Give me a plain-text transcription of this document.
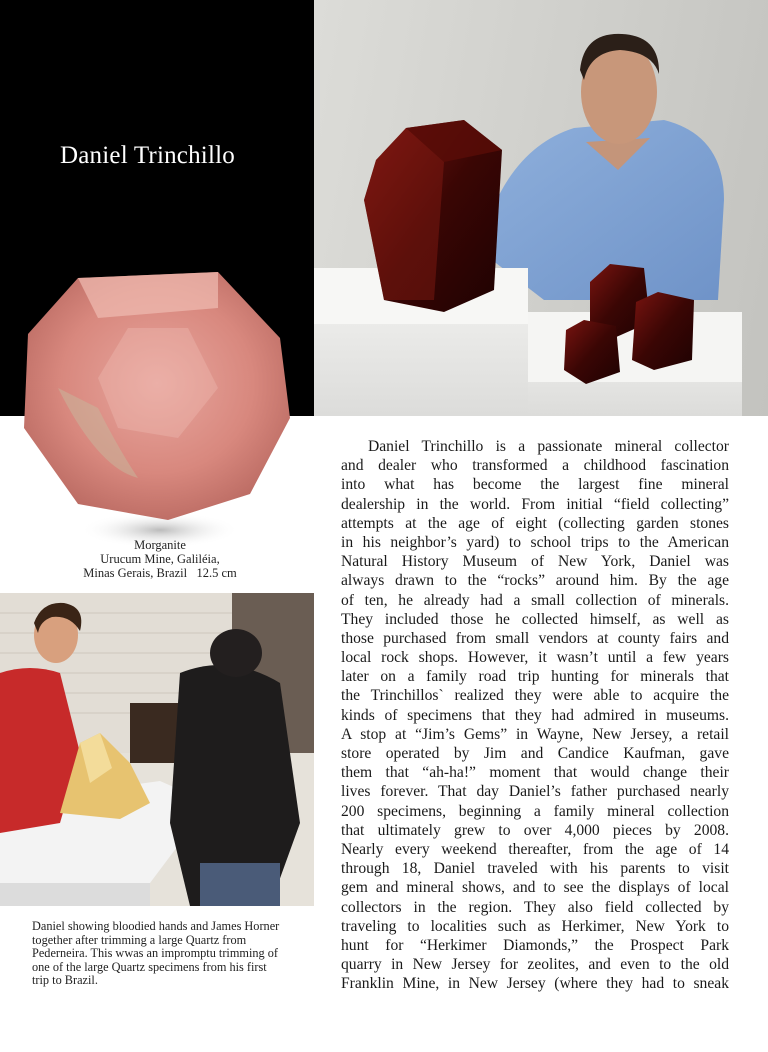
Daniel Trinchillo
Morganite
Urucum Mine, Galiléia,
Minas Gerais, Brazil   12.5 cm
Daniel showing bloodied hands and James Horner
together after trimming a large Quartz from
Pederneira. This wwas an impromptu trimming of
one of the large Quartz specimens from his first
trip to Brazil.
Daniel Trinchillo is a passionate mineral collector
and dealer who transformed a childhood fascination
into what has become the largest fine mineral
dealership in the world. From initial “field collecting”
attempts at the age of eight (collecting garden stones
in his neighbor’s yard) to school trips to the American
Natural History Museum of New York, Daniel was
always drawn to the “rocks” around him. By the age
of ten, he already had a small collection of minerals.
They included those he collected himself, as well as
those purchased from small vendors at county fairs and
local rock shops. However, it wasn’t until a few years
later on a family road trip hunting for minerals that
the Trinchillos` realized they were able to acquire the
kinds of specimens that they had admired in museums.
A stop at “Jim’s Gems” in Wayne, New Jersey, a retail
store operated by Jim and Candice Kaufman, gave
them that “ah-ha!” moment that would change their
lives forever. That day Daniel’s father purchased nearly
200 specimens, beginning a family mineral collection
that ultimately grew to over 4,000 pieces by 2008.
Nearly every weekend thereafter, from the age of 14
through 18, Daniel traveled with his parents to visit
gem and mineral shows, and to see the displays of local
collectors in the region. They also field collected by
traveling to localities such as Herkimer, New York to
hunt for “Herkimer Diamonds,” the Prospect Park
quarry in New Jersey for zeolites, and even to the old
Franklin Mine, in New Jersey (where they had to sneak
